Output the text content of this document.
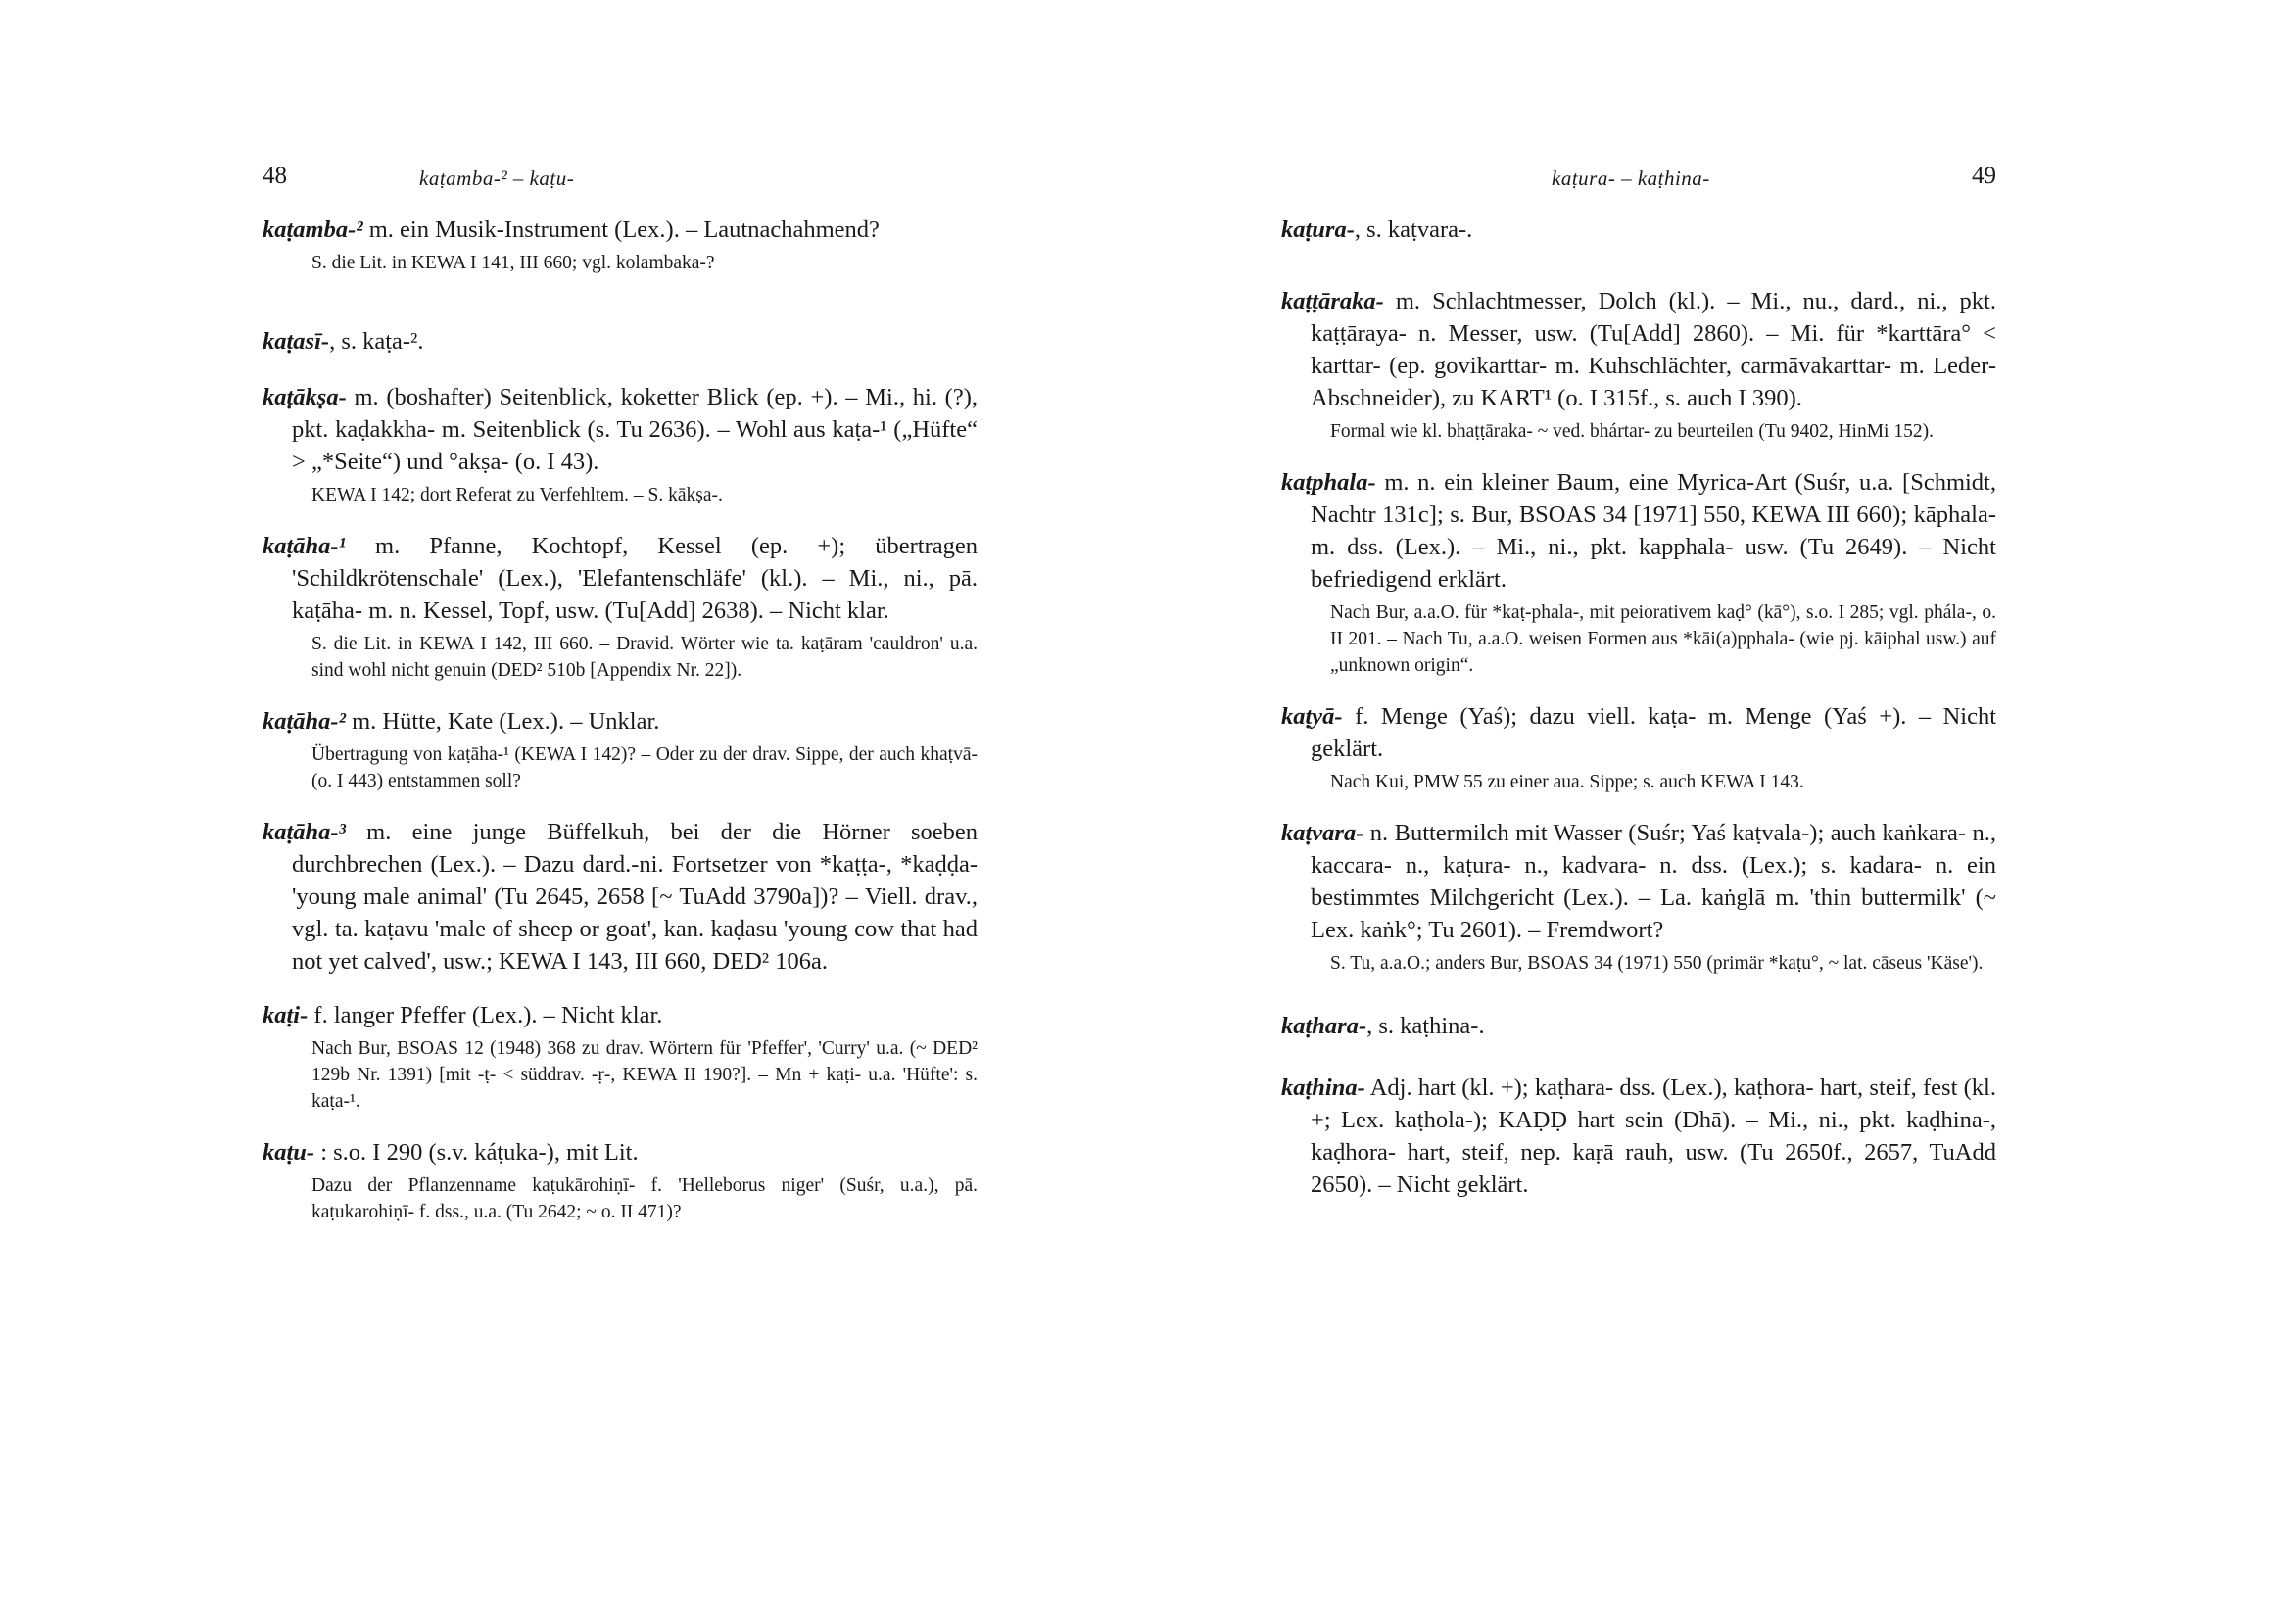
48	kaṭamba-² – kaṭu-

kaṭamba-² m. ein Musik-Instrument (Lex.). – Lautnachahmend?

S. die Lit. in KEWA I 141, III 660; vgl. kolambaka-?

kaṭasī-, s. kaṭa-².

kaṭākṣa- m. (boshafter) Seitenblick, koketter Blick (ep. +). – Mi., hi. (?), pkt. kaḍakkha- m. Seitenblick (s. Tu 2636). – Wohl aus kaṭa-¹ („Hüfte“ > „*Seite“) und °akṣa- (o. I 43).

KEWA I 142; dort Referat zu Verfehltem. – S. kākṣa-.

kaṭāha-¹ m. Pfanne, Kochtopf, Kessel (ep. +); übertragen 'Schildkrötenschale' (Lex.), 'Elefantenschläfe' (kl.). – Mi., ni., pā. kaṭāha- m. n. Kessel, Topf, usw. (Tu[Add] 2638). – Nicht klar.

S. die Lit. in KEWA I 142, III 660. – Dravid. Wörter wie ta. kaṭāram 'cauldron' u.a. sind wohl nicht genuin (DED² 510b [Appendix Nr. 22]).

kaṭāha-² m. Hütte, Kate (Lex.). – Unklar.

Übertragung von kaṭāha-¹ (KEWA I 142)? – Oder zu der drav. Sippe, der auch khaṭvā- (o. I 443) entstammen soll?

kaṭāha-³ m. eine junge Büffelkuh, bei der die Hörner soeben durchbrechen (Lex.). – Dazu dard.-ni. Fortsetzer von *kaṭṭa-, *kaḍḍa- 'young male animal' (Tu 2645, 2658 [~ TuAdd 3790a])? – Viell. drav., vgl. ta. kaṭavu 'male of sheep or goat', kan. kaḍasu 'young cow that had not yet calved', usw.; KEWA I 143, III 660, DED² 106a.

kaṭi- f. langer Pfeffer (Lex.). – Nicht klar.

Nach Bur, BSOAS 12 (1948) 368 zu drav. Wörtern für 'Pfeffer', 'Curry' u.a. (~ DED² 129b Nr. 1391) [mit -ṭ- < süddrav. -ṛ-, KEWA II 190?]. – Mn + kaṭi- u.a. 'Hüfte': s. kaṭa-¹.

kaṭu- : s.o. I 290 (s.v. káṭuka-), mit Lit.

Dazu der Pflanzenname kaṭukārohiṇī- f. 'Helleborus niger' (Suśr, u.a.), pā. kaṭukarohiṇī- f. dss., u.a. (Tu 2642; ~ o. II 471)?

kaṭura- – kaṭhina-	49

kaṭura-, s. kaṭvara-.

kaṭṭāraka- m. Schlachtmesser, Dolch (kl.). – Mi., nu., dard., ni., pkt. kaṭṭāraya- n. Messer, usw. (Tu[Add] 2860). – Mi. für *karttāra° < karttar- (ep. govikarttar- m. Kuhschlächter, carmāvakarttar- m. Leder-Abschneider), zu KART¹ (o. I 315f., s. auch I 390).

Formal wie kl. bhaṭṭāraka- ~ ved. bhártar- zu beurteilen (Tu 9402, HinMi 152).

kaṭphala- m. n. ein kleiner Baum, eine Myrica-Art (Suśr, u.a. [Schmidt, Nachtr 131c]; s. Bur, BSOAS 34 [1971] 550, KEWA III 660); kāphala- m. dss. (Lex.). – Mi., ni., pkt. kapphala- usw. (Tu 2649). – Nicht befriedigend erklärt.

Nach Bur, a.a.O. für *kaṭ-phala-, mit peiorativem kaḍ° (kā°), s.o. I 285; vgl. phála-, o. II 201. – Nach Tu, a.a.O. weisen Formen aus *kāi(a)pphala- (wie pj. kāiphal usw.) auf „unknown origin“.

kaṭyā- f. Menge (Yaś); dazu viell. kaṭa- m. Menge (Yaś +). – Nicht geklärt.

Nach Kui, PMW 55 zu einer aua. Sippe; s. auch KEWA I 143.

kaṭvara- n. Buttermilch mit Wasser (Suśr; Yaś kaṭvala-); auch kaṅkara- n., kaccara- n., kaṭura- n., kadvara- n. dss. (Lex.); s. kadara- n. ein bestimmtes Milchgericht (Lex.). – La. kaṅglā m. 'thin buttermilk' (~ Lex. kaṅk°; Tu 2601). – Fremdwort?

S. Tu, a.a.O.; anders Bur, BSOAS 34 (1971) 550 (primär *kaṭu°, ~ lat. cāseus 'Käse').

kaṭhara-, s. kaṭhina-.

kaṭhina- Adj. hart (kl. +); kaṭhara- dss. (Lex.), kaṭhora- hart, steif, fest (kl. +; Lex. kaṭhola-); KAḌḌ hart sein (Dhā). – Mi., ni., pkt. kaḍhina-, kaḍhora- hart, steif, nep. kaṛā rauh, usw. (Tu 2650f., 2657, TuAdd 2650). – Nicht geklärt.
